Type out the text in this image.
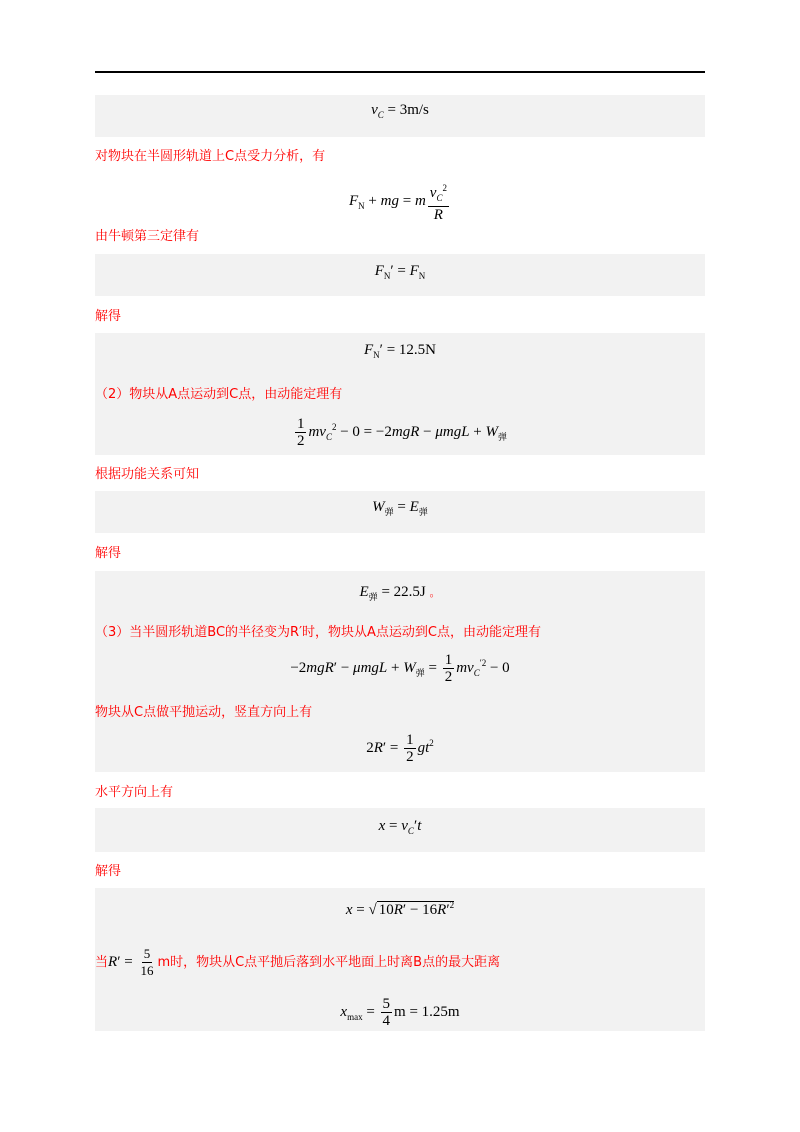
$v_C = 3m/s$
对物块在半圆形轨道上C点受力分析，有
$F_N$ + mg = m $\frac{v_C^2}{R}$
由牛顿第三定律有
$F_N' = F_N$
解得
$F_N' = 12.5N$
（2）物块从A点运动到C点，由动能定理有
$\frac{1}{2} mv_C^2 - 0 = -2mgR - \mu mgL + W_弹$
根据功能关系可知
$W_弹 = E_弹$
解得
$E_弹 = 22.5J$ 。
（3）当半圆形轨道BC的半径变为R′时，物块从A点运动到C点，由动能定理有
$-2mgR' - \mu mgL + W_弹 = \frac{1}{2} mv_C^{'2} - 0$
物块从C点做平抛运动，竖直方向上有
$2R' = \frac{1}{2} gt^2$
水平方向上有
$x = v_C't$
解得
x = √ $10R' - 16R'^2$
当$R' = \frac{5}{16}$ m时，物块从C点平抛后落到水平地面上时离B点的最大距离
$x_{max} = \frac{5}{4}$ m = 1.25m
